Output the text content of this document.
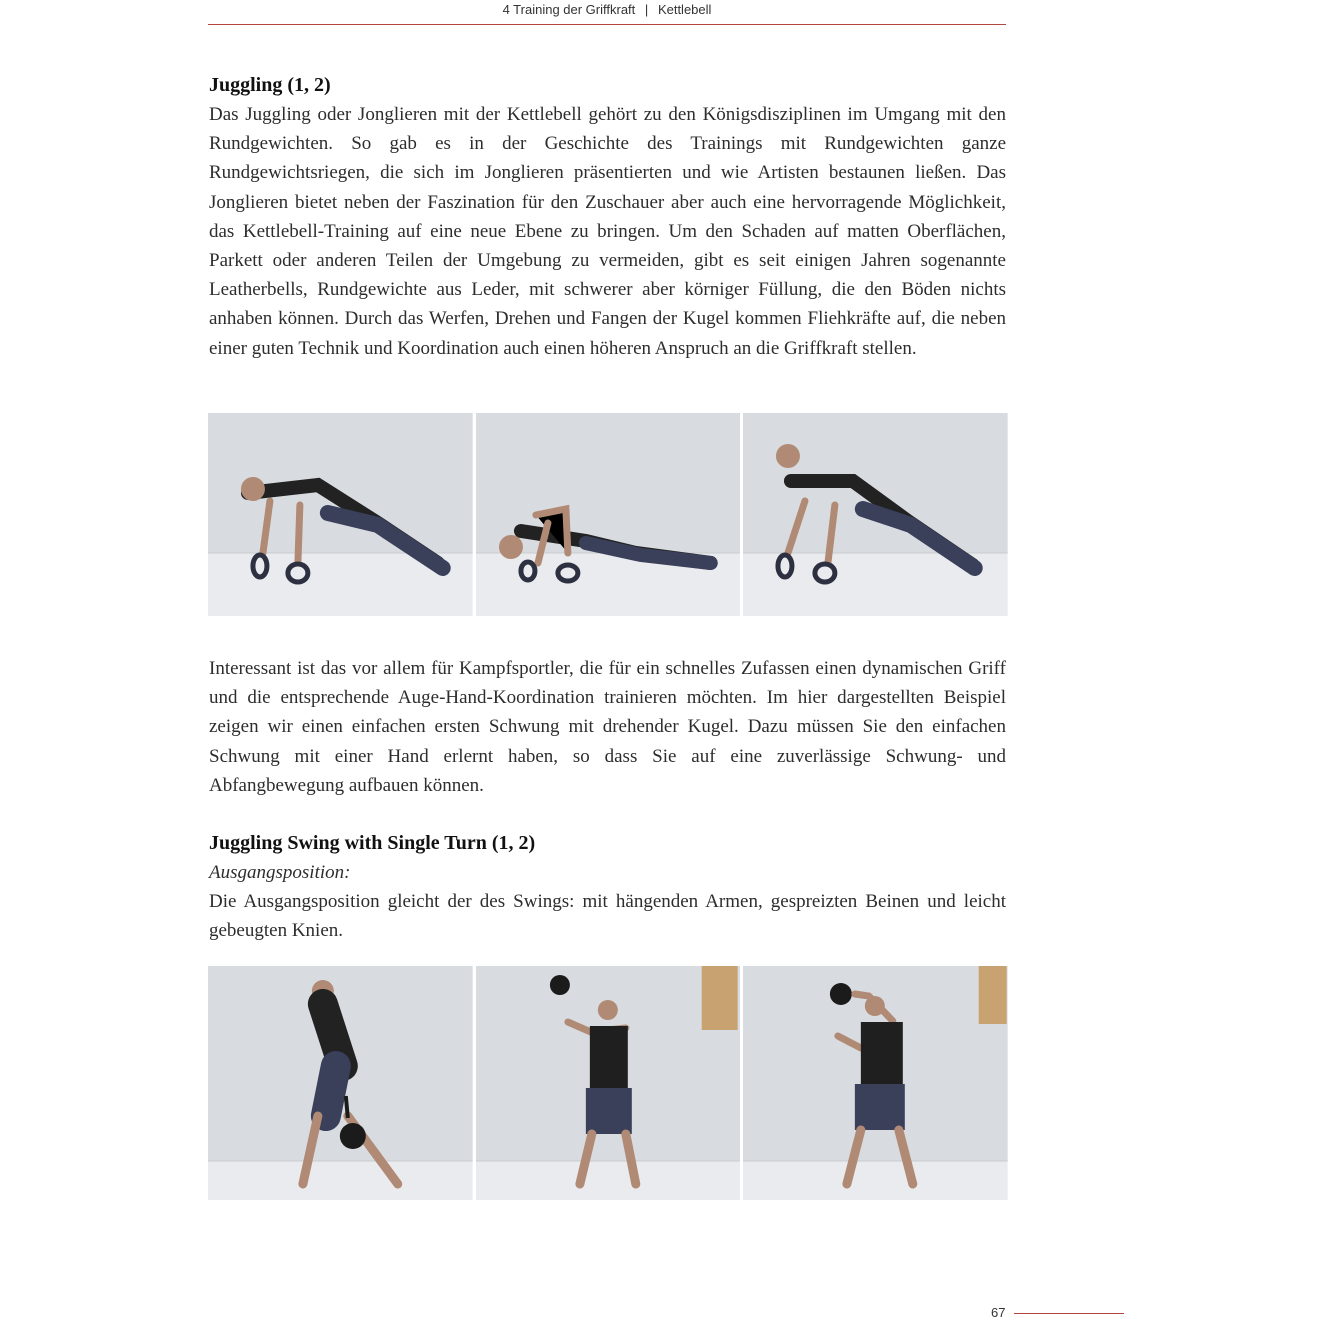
4 Training der Griffkraft | Kettlebell
Juggling (1, 2)

Das Juggling oder Jonglieren mit der Kettlebell gehört zu den Königsdisziplinen im Umgang mit den Rundgewichten. So gab es in der Geschichte des Trainings mit Rundgewichten ganze Rundgewichtsriegen, die sich im Jonglieren präsentierten und wie Artisten bestaunen ließen. Das Jonglieren bietet neben der Faszination für den Zuschauer aber auch eine hervorragende Möglichkeit, das Kettlebell-Training auf eine neue Ebene zu bringen. Um den Schaden auf matten Oberflächen, Parkett oder anderen Teilen der Umgebung zu vermeiden, gibt es seit einigen Jahren sogenannte Leatherbells, Rundgewichte aus Leder, mit schwerer aber körniger Füllung, die den Böden nichts anhaben können. Durch das Werfen, Drehen und Fangen der Kugel kommen Fliehkräfte auf, die neben einer guten Technik und Koordination auch einen höheren Anspruch an die Griffkraft stellen.

Interessant ist das vor allem für Kampfsportler, die für ein schnelles Zufassen einen dynamischen Griff und die entsprechende Auge-Hand-Koordination trainieren möchten. Im hier dargestellten Beispiel zeigen wir einen einfachen ersten Schwung mit drehender Kugel. Dazu müssen Sie den einfachen Schwung mit einer Hand erlernt haben, so dass Sie auf eine zuverlässige Schwung- und Abfangbewegung aufbauen können.

Juggling Swing with Single Turn (1, 2)

Ausgangsposition:

Die Ausgangsposition gleicht der des Swings: mit hängenden Armen, gespreizten Beinen und leicht gebeugten Knien.

67
